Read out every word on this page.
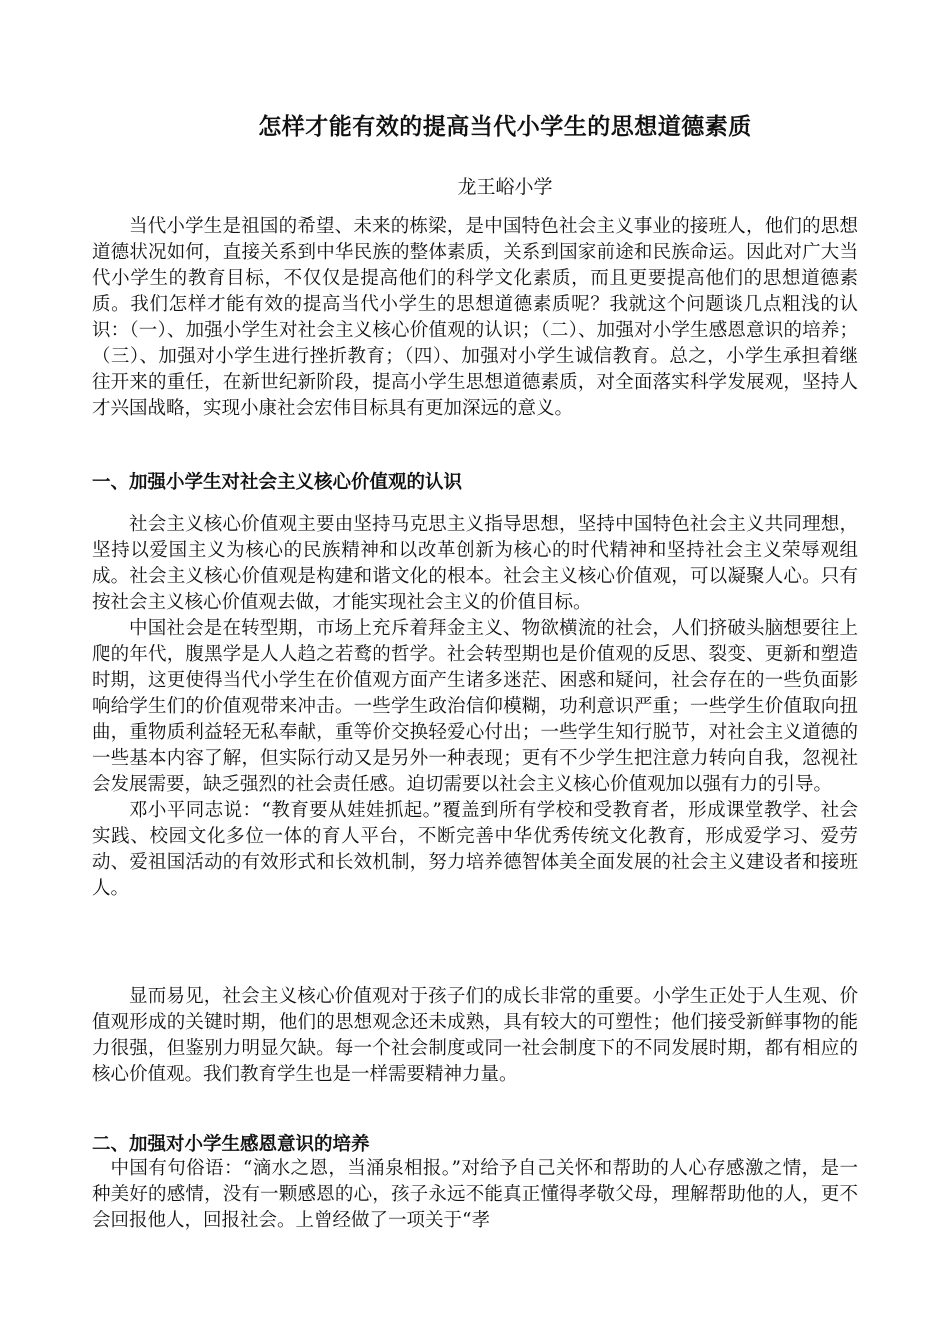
怎样才能有效的提高当代小学生的思想道德素质
龙王峪小学

当代小学生是祖国的希望、未来的栋梁，是中国特色社会主义事业的接班人，他们的思想道德状况如何，直接关系到中华民族的整体素质，关系到国家前途和民族命运。因此对广大当代小学生的教育目标，不仅仅是提高他们的科学文化素质，而且更要提高他们的思想道德素质。我们怎样才能有效的提高当代小学生的思想道德素质呢？我就这个问题谈几点粗浅的认识：（一）、加强小学生对社会主义核心价值观的认识；（二）、加强对小学生感恩意识的培养；（三）、加强对小学生进行挫折教育；（四）、加强对小学生诚信教育。总之，小学生承担着继往开来的重任，在新世纪新阶段，提高小学生思想道德素质，对全面落实科学发展观，坚持人才兴国战略，实现小康社会宏伟目标具有更加深远的意义。

一、加强小学生对社会主义核心价值观的认识

社会主义核心价值观主要由坚持马克思主义指导思想，坚持中国特色社会主义共同理想，坚持以爱国主义为核心的民族精神和以改革创新为核心的时代精神和坚持社会主义荣辱观组成。社会主义核心价值观是构建和谐文化的根本。社会主义核心价值观，可以凝聚人心。只有按社会主义核心价值观去做，才能实现社会主义的价值目标。

中国社会是在转型期，市场上充斥着拜金主义、物欲横流的社会，人们挤破头脑想要往上爬的年代，腹黑学是人人趋之若鹜的哲学。社会转型期也是价值观的反思、裂变、更新和塑造时期，这更使得当代小学生在价值观方面产生诸多迷茫、困惑和疑问，社会存在的一些负面影响给学生们的价值观带来冲击。一些学生政治信仰模糊，功利意识严重；一些学生价值取向扭曲，重物质利益轻无私奉献，重等价交换轻爱心付出；一些学生知行脱节，对社会主义道德的一些基本内容了解，但实际行动又是另外一种表现；更有不少学生把注意力转向自我，忽视社会发展需要，缺乏强烈的社会责任感。迫切需要以社会主义核心价值观加以强有力的引导。

邓小平同志说：“教育要从娃娃抓起。”覆盖到所有学校和受教育者，形成课堂教学、社会实践、校园文化多位一体的育人平台，不断完善中华优秀传统文化教育，形成爱学习、爱劳动、爱祖国活动的有效形式和长效机制，努力培养德智体美全面发展的社会主义建设者和接班人。

显而易见，社会主义核心价值观对于孩子们的成长非常的重要。小学生正处于人生观、价值观形成的关键时期，他们的思想观念还未成熟，具有较大的可塑性；他们接受新鲜事物的能力很强，但鉴别力明显欠缺。每一个社会制度或同一社会制度下的不同发展时期，都有相应的核心价值观。我们教育学生也是一样需要精神力量。

二、加强对小学生感恩意识的培养

中国有句俗语：“滴水之恩，当涌泉相报。”对给予自己关怀和帮助的人心存感激之情，是一种美好的感情，没有一颗感恩的心，孩子永远不能真正懂得孝敬父母，理解帮助他的人，更不会回报他人，回报社会。上曾经做了一项关于“孝
